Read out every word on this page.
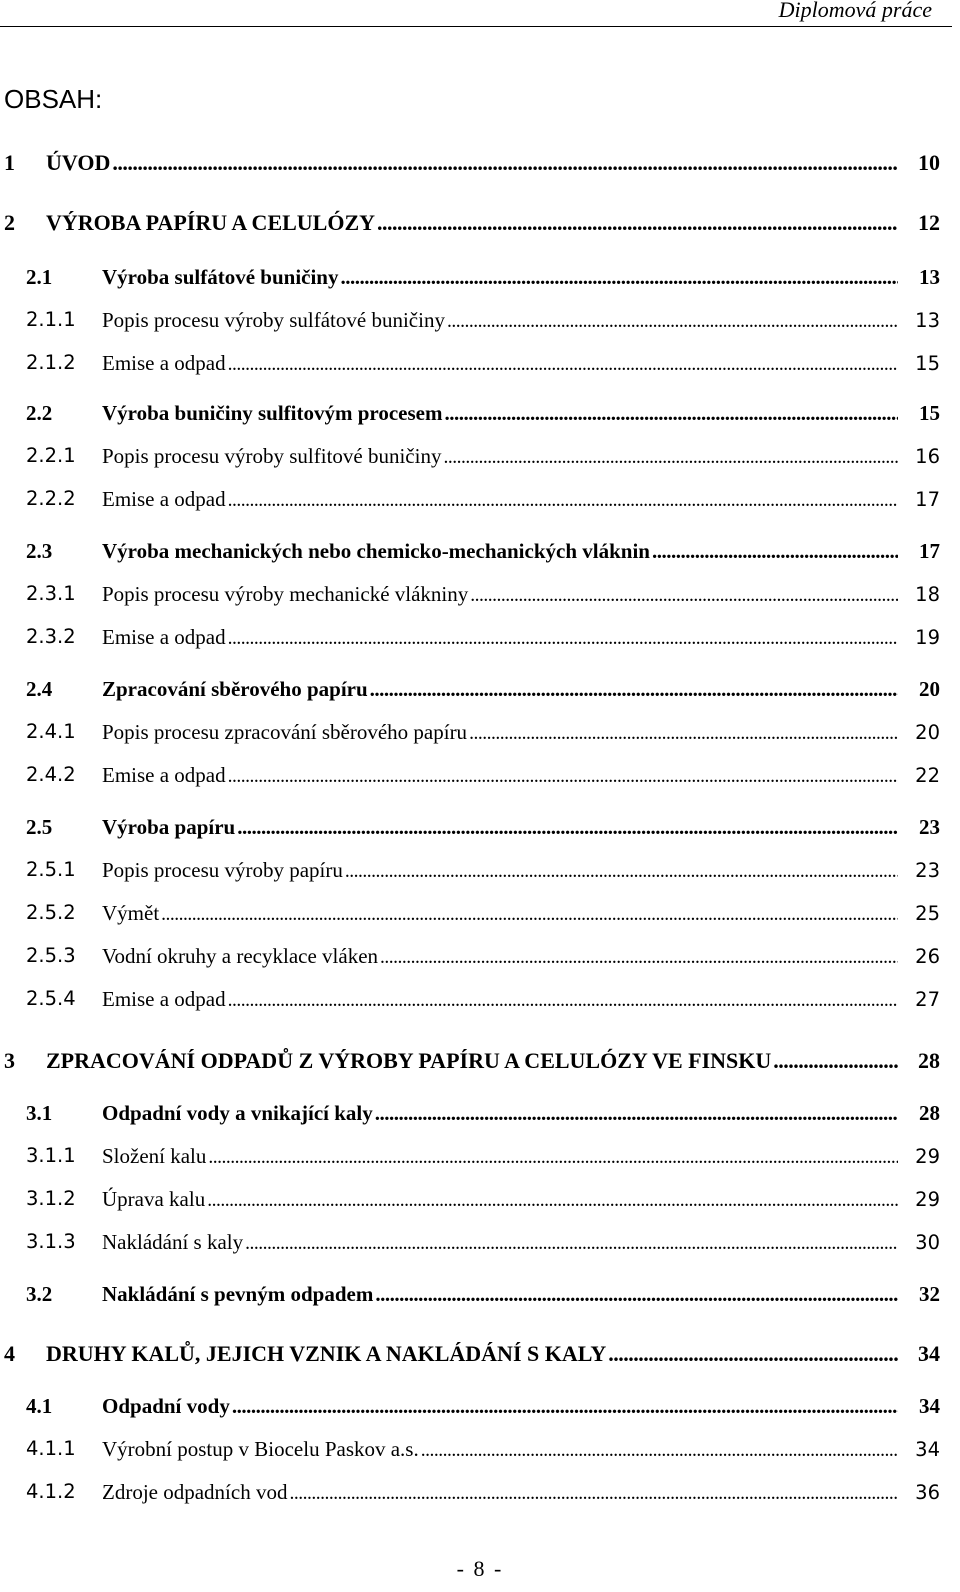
Diplomová práce
OBSAH:
1 ÚVOD .....	10
2 VÝROBA PAPÍRU A CELULÓZY .....	12
2.1 Výroba sulfátové buničiny .....	13
2.1.1 Popis procesu výroby sulfátové buničiny .....	13
2.1.2 Emise a odpad .....	15
2.2 Výroba buničiny sulfitovým procesem .....	15
2.2.1 Popis procesu výroby sulfitové buničiny .....	16
2.2.2 Emise a odpad .....	17
2.3 Výroba mechanických nebo chemicko-mechanických vláknin .....	17
2.3.1 Popis procesu výroby mechanické vlákniny .....	18
2.3.2 Emise a odpad .....	19
2.4 Zpracování sběrového papíru .....	20
2.4.1 Popis procesu zpracování sběrového papíru .....	20
2.4.2 Emise a odpad .....	22
2.5 Výroba papíru .....	23
2.5.1 Popis procesu výroby papíru .....	23
2.5.2 Výmět .....	25
2.5.3 Vodní okruhy a recyklace vláken .....	26
2.5.4 Emise a odpad .....	27
3 ZPRACOVÁNÍ ODPADŮ Z VÝROBY PAPÍRU A CELULÓZY VE FINSKU .....	28
3.1 Odpadní vody a vnikající kaly .....	28
3.1.1 Složení kalu .....	29
3.1.2 Úprava kalu .....	29
3.1.3 Nakládání s kaly .....	30
3.2 Nakládání s pevným odpadem .....	32
4 DRUHY KALŮ, JEJICH VZNIK A NAKLÁDÁNÍ S KALY .....	34
4.1 Odpadní vody .....	34
4.1.1 Výrobní postup v Biocelu Paskov a.s. .....	34
4.1.2 Zdroje odpadních vod .....	36
- 8 -
